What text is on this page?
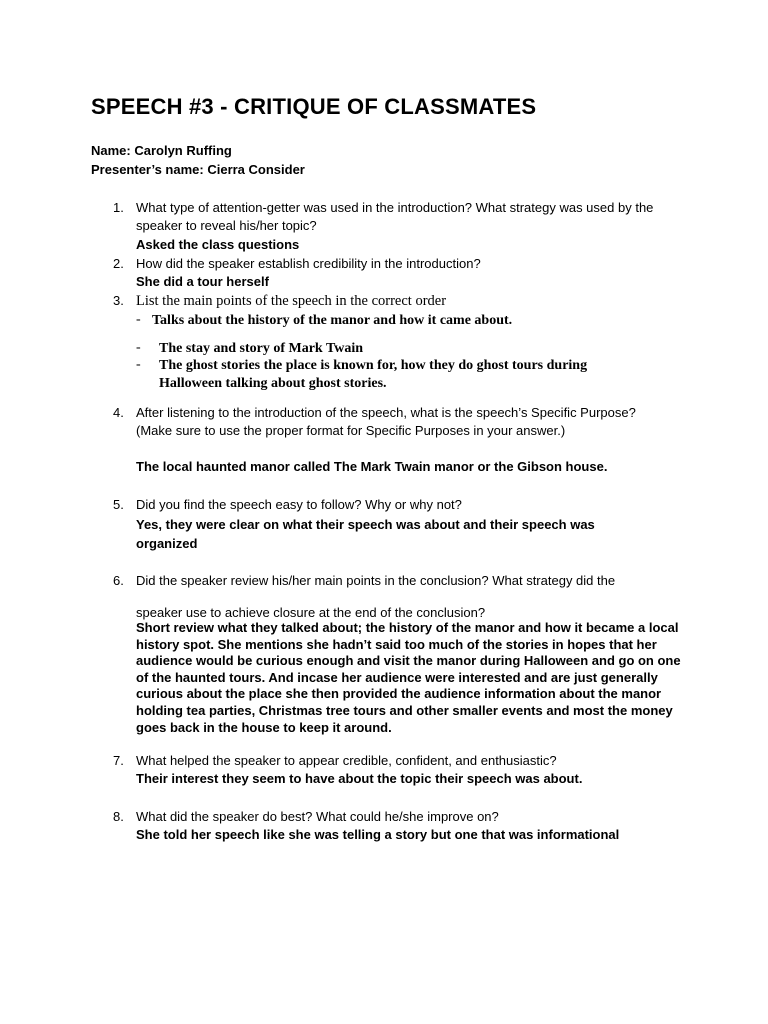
SPEECH #3 - CRITIQUE OF CLASSMATES
Name: Carolyn Ruffing
Presenter’s name: Cierra Consider
1. What type of attention-getter was used in the introduction? What strategy was used by the speaker to reveal his/her topic?
Asked the class questions
2. How did the speaker establish credibility in the introduction?
She did a tour herself
3. List the main points of the speech in the correct order
- Talks about the history of the manor and how it came about.
- The stay and story of Mark Twain
- The ghost stories the place is known for, how they do ghost tours during Halloween talking about ghost stories.
4. After listening to the introduction of the speech, what is the speech’s Specific Purpose? (Make sure to use the proper format for Specific Purposes in your answer.)
The local haunted manor called The Mark Twain manor or the Gibson house.
5. Did you find the speech easy to follow? Why or why not?
Yes, they were clear on what their speech was about and their speech was organized
6. Did the speaker review his/her main points in the conclusion? What strategy did the
speaker use to achieve closure at the end of the conclusion?
Short review what they talked about; the history of the manor and how it became a local history spot. She mentions she hadn’t said too much of the stories in hopes that her audience would be curious enough and visit the manor during Halloween and go on one of the haunted tours. And incase her audience were interested and are just generally curious about the place she then provided the audience information about the manor holding tea parties, Christmas tree tours and other smaller events and most the money goes back in the house to keep it around.
7. What helped the speaker to appear credible, confident, and enthusiastic?
Their interest they seem to have about the topic their speech was about.
8. What did the speaker do best? What could he/she improve on?
She told her speech like she was telling a story but one that was informational
